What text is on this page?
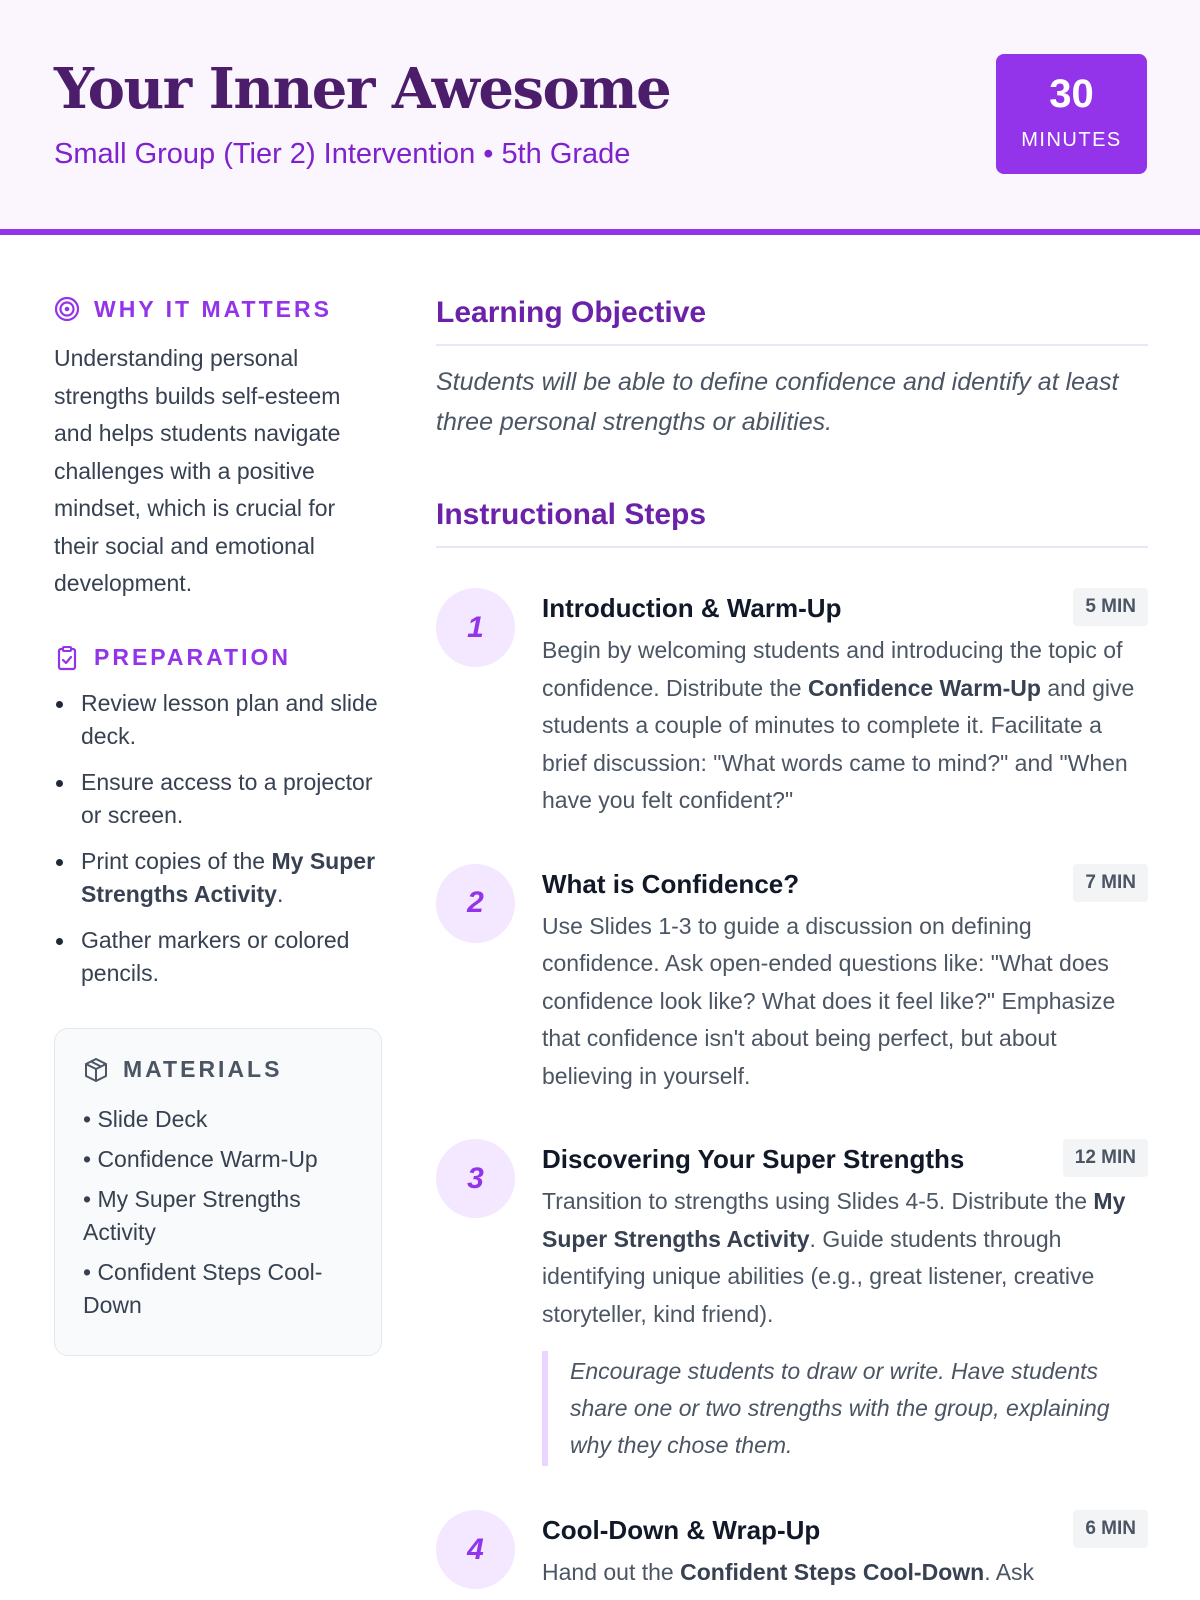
Your Inner Awesome
Small Group (Tier 2) Intervention • 5th Grade
30
MINUTES
WHY IT MATTERS

Understanding personal strengths builds self-esteem and helps students navigate challenges with a positive mindset, which is crucial for their social and emotional development.

PREPARATION
Review lesson plan and slide deck.
Ensure access to a projector or screen.
Print copies of the My Super Strengths Activity.
Gather markers or colored pencils.
MATERIALS
• Slide Deck
• Confidence Warm-Up
• My Super Strengths Activity
• Confident Steps Cool-Down
Learning Objective

Students will be able to define confidence and identify at least three personal strengths or abilities.

Instructional Steps
1
Introduction & Warm-Up	5 MIN

Begin by welcoming students and introducing the topic of confidence. Distribute the Confidence Warm-Up and give students a couple of minutes to complete it. Facilitate a brief discussion: "What words came to mind?" and "When have you felt confident?"

2
What is Confidence?	7 MIN

Use Slides 1-3 to guide a discussion on defining confidence. Ask open-ended questions like: "What does confidence look like? What does it feel like?" Emphasize that confidence isn't about being perfect, but about believing in yourself.

3
Discovering Your Super Strengths	12 MIN

Transition to strengths using Slides 4-5. Distribute the My Super Strengths Activity. Guide students through identifying unique abilities (e.g., great listener, creative storyteller, kind friend).

Encourage students to draw or write. Have students share one or two strengths with the group, explaining why they chose them.
4
Cool-Down & Wrap-Up	6 MIN

Hand out the Confident Steps Cool-Down. Ask
